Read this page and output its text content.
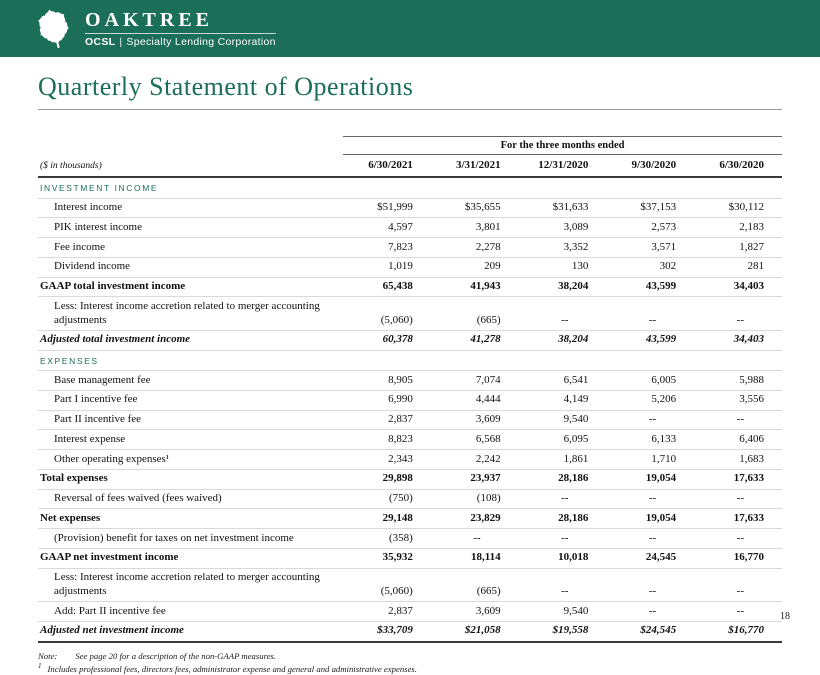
OAKTREE
OCSL | Specialty Lending Corporation
Quarterly Statement of Operations
	For the three months ended				
($ in thousands)	6/30/2021	3/31/2021	12/31/2020	9/30/2020	6/30/2020
INVESTMENT INCOME					
Interest income	$51,999	$35,655	$31,633	$37,153	$30,112
PIK interest income	4,597	3,801	3,089	2,573	2,183
Fee income	7,823	2,278	3,352	3,571	1,827
Dividend income	1,019	209	130	302	281
GAAP total investment income	65,438	41,943	38,204	43,599	34,403
Less: Interest income accretion related to merger accounting adjustments	(5,060)	(665)	--	--	--
Adjusted total investment income	60,378	41,278	38,204	43,599	34,403
EXPENSES					
Base management fee	8,905	7,074	6,541	6,005	5,988
Part I incentive fee	6,990	4,444	4,149	5,206	3,556
Part II incentive fee	2,837	3,609	9,540	--	--
Interest expense	8,823	6,568	6,095	6,133	6,406
Other operating expenses¹	2,343	2,242	1,861	1,710	1,683
Total expenses	29,898	23,937	28,186	19,054	17,633
Reversal of fees waived (fees waived)	(750)	(108)	--	--	--
Net expenses	29,148	23,829	28,186	19,054	17,633
(Provision) benefit for taxes on net investment income	(358)	--	--	--	--
GAAP net investment income	35,932	18,114	10,018	24,545	16,770
Less: Interest income accretion related to merger accounting adjustments	(5,060)	(665)	--	--	--
Add: Part II incentive fee	2,837	3,609	9,540	--	--
Adjusted net investment income	$33,709	$21,058	$19,558	$24,545	$16,770
Note: See page 20 for a description of the non-GAAP measures.
$^1$ Includes professional fees, directors fees, administrator expense and general and administrative expenses.
18
